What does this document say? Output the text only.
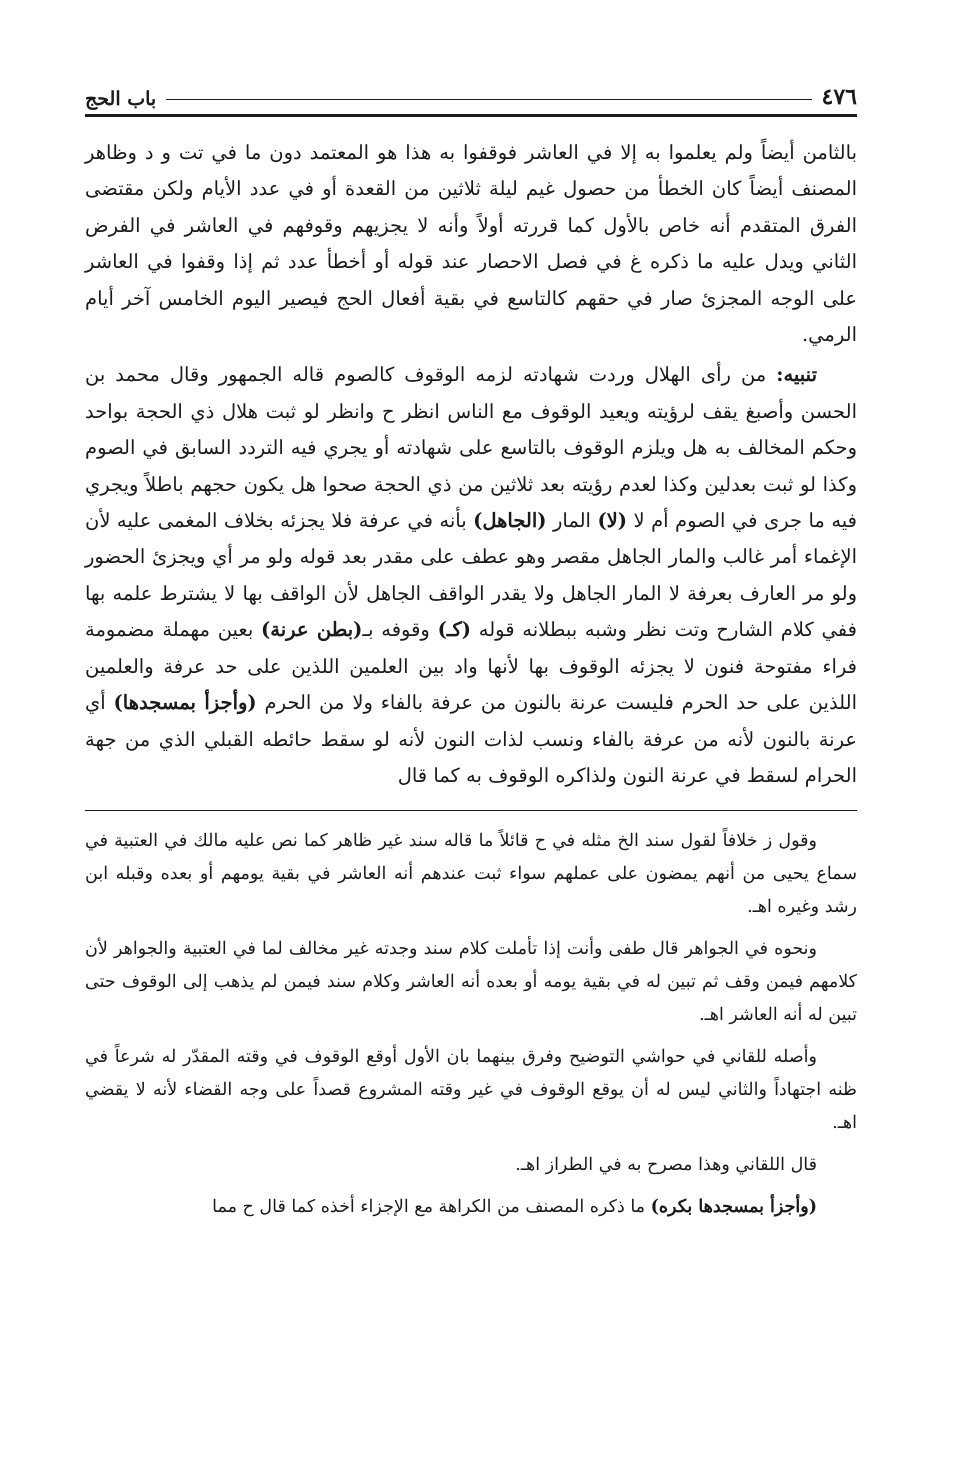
٤٧٦
باب الحج

بالثامن أيضاً ولم يعلموا به إلا في العاشر فوقفوا به هذا هو المعتمد دون ما في تت و د وظاهر المصنف أيضاً كان الخطأ من حصول غيم ليلة ثلاثين من القعدة أو في عدد الأيام ولكن مقتضى الفرق المتقدم أنه خاص بالأول كما قررته أولاً وأنه لا يجزيهم وقوفهم في العاشر في الفرض الثاني ويدل عليه ما ذكره غ في فصل الاحصار عند قوله أو أخطأ عدد ثم إذا وقفوا في العاشر على الوجه المجزئ صار في حقهم كالتاسع في بقية أفعال الحج فيصير اليوم الخامس آخر أيام الرمي.

تنبيه: من رأى الهلال وردت شهادته لزمه الوقوف كالصوم قاله الجمهور وقال محمد بن الحسن وأصبغ يقف لرؤيته ويعيد الوقوف مع الناس انظر ح وانظر لو ثبت هلال ذي الحجة بواحد وحكم المخالف به هل ويلزم الوقوف بالتاسع على شهادته أو يجري فيه التردد السابق في الصوم وكذا لو ثبت بعدلين وكذا لعدم رؤيته بعد ثلاثين من ذي الحجة صحوا هل يكون حجهم باطلاً ويجري فيه ما جرى في الصوم أم لا (لا) المار (الجاهل) بأنه في عرفة فلا يجزئه بخلاف المغمى عليه لأن الإغماء أمر غالب والمار الجاهل مقصر وهو عطف على مقدر بعد قوله ولو مر أي ويجزئ الحضور ولو مر العارف بعرفة لا المار الجاهل ولا يقدر الواقف الجاهل لأن الواقف بها لا يشترط علمه بها ففي كلام الشارح وتت نظر وشبه ببطلانه قوله (كـ) وقوفه بـ(بطن عرنة) بعين مهملة مضمومة فراء مفتوحة فنون لا يجزئه الوقوف بها لأنها واد بين العلمين اللذين على حد عرفة والعلمين اللذين على حد الحرم فليست عرنة بالنون من عرفة بالفاء ولا من الحرم (وأجزأ بمسجدها) أي عرنة بالنون لأنه من عرفة بالفاء ونسب لذات النون لأنه لو سقط حائطه القبلي الذي من جهة الحرام لسقط في عرنة النون ولذاكره الوقوف به كما قال

وقول ز خلافاً لقول سند الخ مثله في ح قائلاً ما قاله سند غير ظاهر كما نص عليه مالك في العتبية في سماع يحيى من أنهم يمضون على عملهم سواء ثبت عندهم أنه العاشر في بقية يومهم أو بعده وقبله ابن رشد وغيره اهـ.

ونحوه في الجواهر قال طفى وأنت إذا تأملت كلام سند وجدته غير مخالف لما في العتبية والجواهر لأن كلامهم فيمن وقف ثم تبين له في بقية يومه أو بعده أنه العاشر وكلام سند فيمن لم يذهب إلى الوقوف حتى تبين له أنه العاشر اهـ.

وأصله للقاني في حواشي التوضيح وفرق بينهما بان الأول أوقع الوقوف في وقته المقدّر له شرعاً في ظنه اجتهاداً والثاني ليس له أن يوقع الوقوف في غير وقته المشروع قصداً على وجه القضاء لأنه لا يقضي اهـ.

قال اللقاني وهذا مصرح به في الطراز اهـ.

(وأجزأ بمسجدها بكره) ما ذكره المصنف من الكراهة مع الإجزاء أخذه كما قال ح مما
